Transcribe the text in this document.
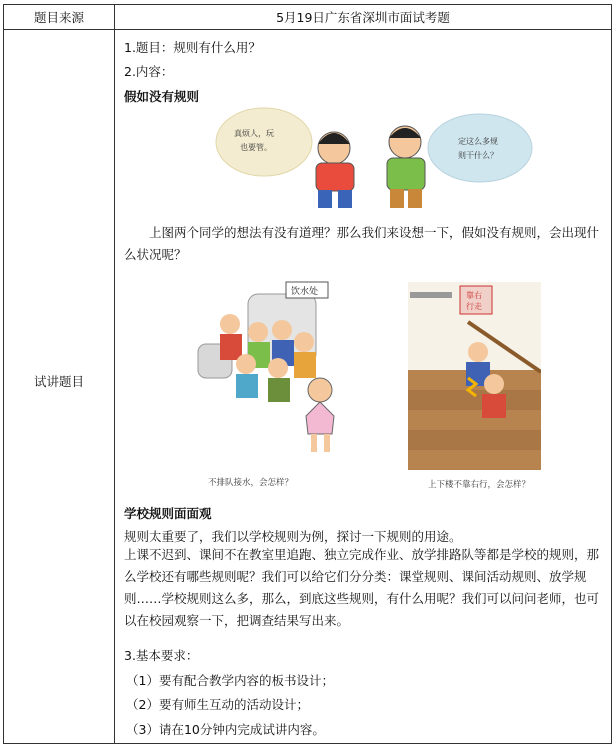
题目来源	5月19日广东省深圳市面试考题
试讲题目
1.题目：规则有什么用？
2.内容：
假如没有规则
真烦人，玩
也要管。
定这么多规
则干什么？
上图两个同学的想法有没有道理？那么我们来设想一下，假如没有规则，会出现什么状况呢？
饮水处	靠右
行走
不排队接水，会怎样？	上下楼不靠右行，会怎样？
学校规则面面观
规则太重要了，我们以学校规则为例，探讨一下规则的用途。
上课不迟到、课间不在教室里追跑、独立完成作业、放学排路队等都是学校的规则，那么学校还有哪些规则呢？我们可以给它们分分类：课堂规则、课间活动规则、放学规则……学校规则这么多，那么，到底这些规则，有什么用呢？我们可以问问老师，也可以在校园观察一下，把调查结果写出来。
3.基本要求：
（1）要有配合教学内容的板书设计；
（2）要有师生互动的活动设计；
（3）请在10分钟内完成试讲内容。
